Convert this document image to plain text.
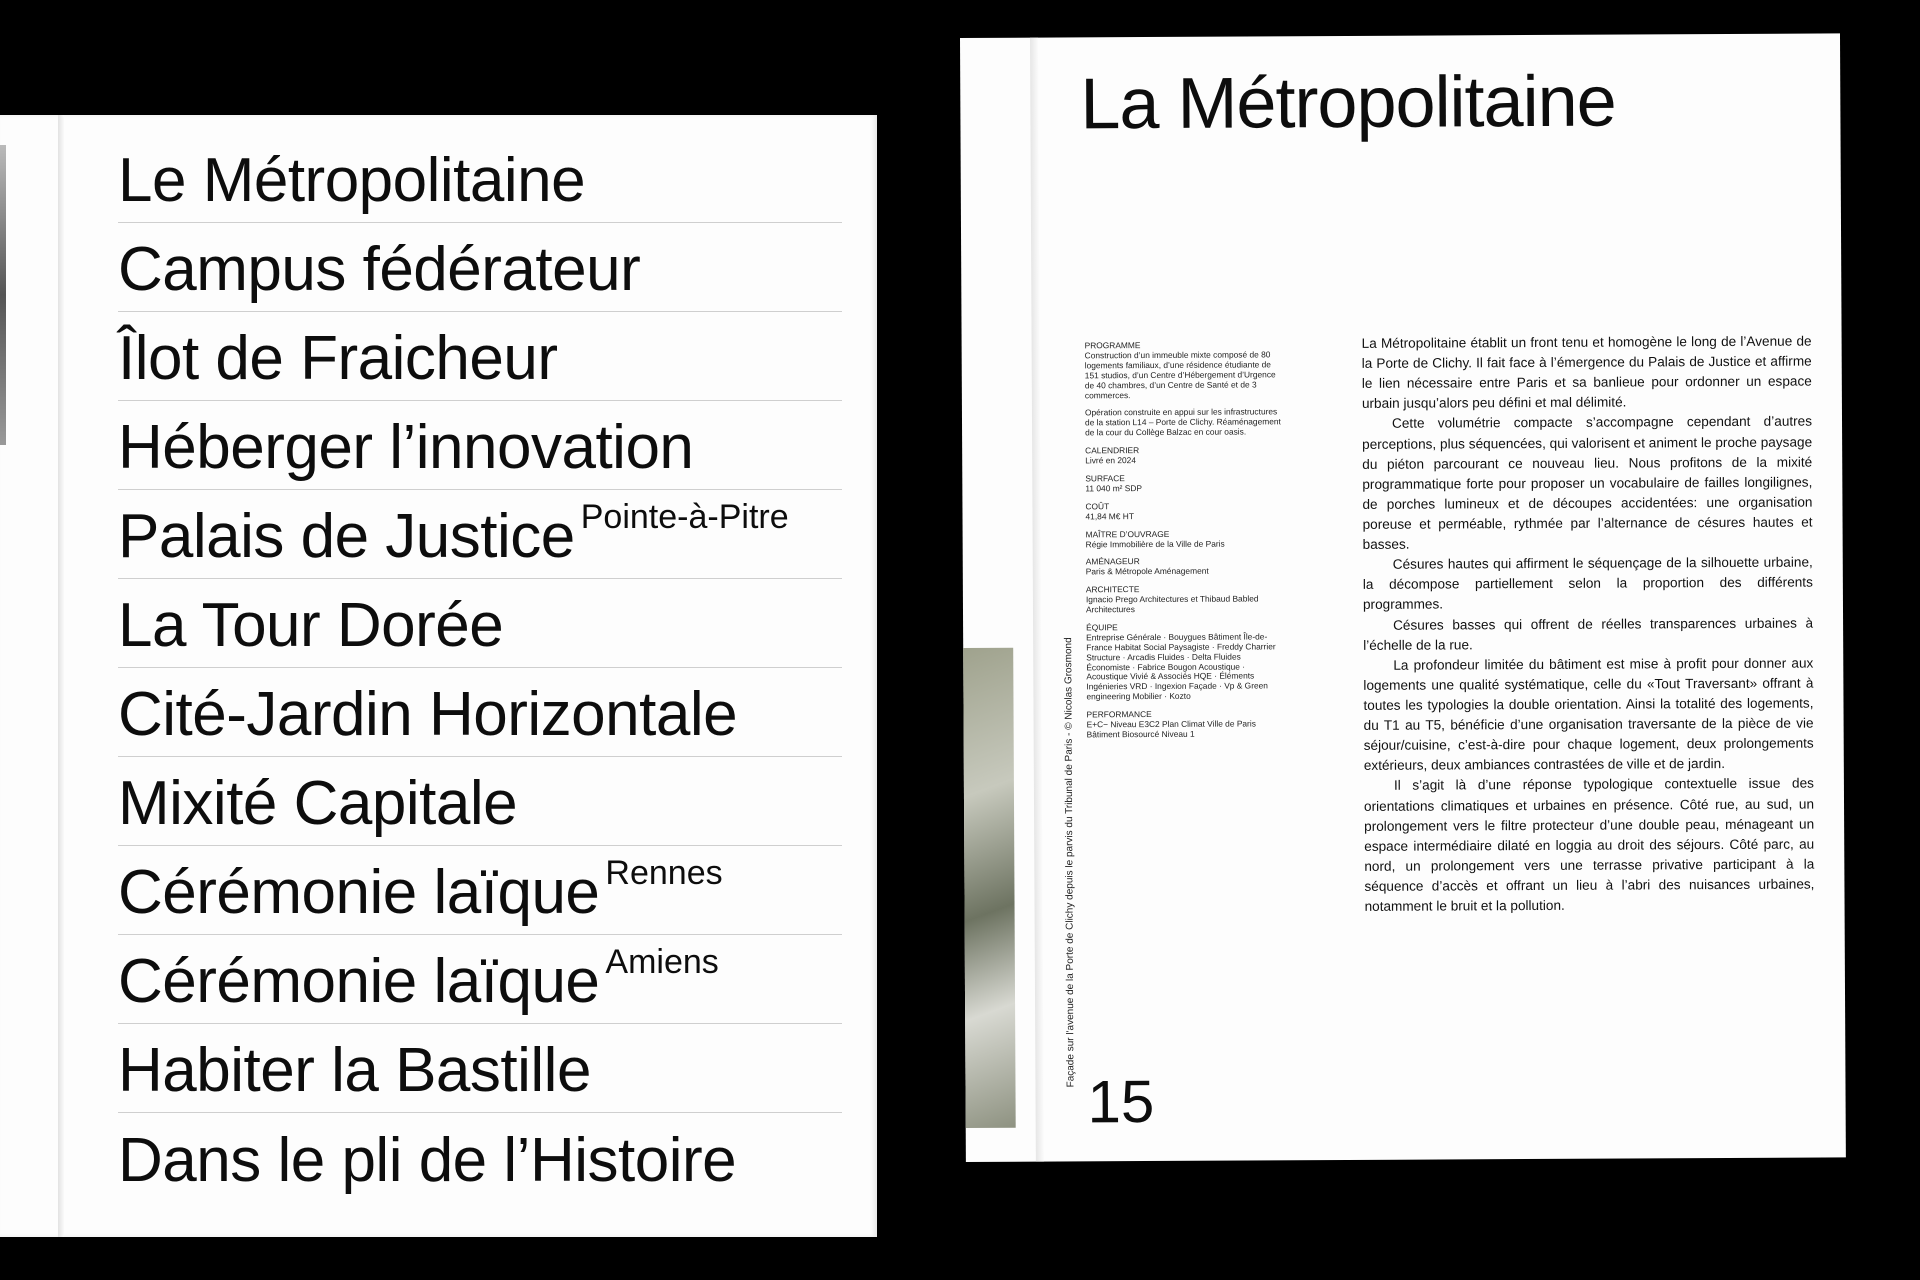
Le Métropolitaine
Campus fédérateur
Îlot de Fraicheur
Héberger l’innovation
Palais de Justice Pointe-à-Pitre
La Tour Dorée
Cité-Jardin Horizontale
Mixité Capitale
Cérémonie laïque Rennes
Cérémonie laïque Amiens
Habiter la Bastille
Dans le pli de l’Histoire
Façade sur l'avenue de la Porte de Clichy depuis le parvis du Tribunal de Paris - © Nicolas Grosmond
La Métropolitaine
PROGRAMME
Construction d’un immeuble mixte composé de 80 logements familiaux, d’une résidence étudiante de 151 studios, d’un Centre d’Hébergement d’Urgence de 40 chambres, d’un Centre de Santé et de 3 commerces.
Opération construite en appui sur les infrastructures de la station L14 – Porte de Clichy. Réaménagement de la cour du Collège Balzac en cour oasis.
CALENDRIER
Livré en 2024
SURFACE
11 040 m² SDP
COÛT
41,84 M€ HT
MAÎTRE D’OUVRAGE
Régie Immobilière de la Ville de Paris
AMÉNAGEUR
Paris & Métropole Aménagement
ARCHITECTE
Ignacio Prego Architectures et Thibaud Babled Architectures
ÉQUIPE
Entreprise Générale · Bouygues Bâtiment Île-de-France Habitat Social Paysagiste · Freddy Charrier Structure · Arcadis Fluides · Delta Fluides Économiste · Fabrice Bougon Acoustique · Acoustique Vivié & Associés HQE · Éléments Ingénieries VRD · Ingexion Façade · Vp & Green engineering Mobilier · Kozto
PERFORMANCE
E+C− Niveau E3C2 Plan Climat Ville de Paris Bâtiment Biosourcé Niveau 1

La Métropolitaine établit un front tenu et homogène le long de l’Avenue de la Porte de Clichy. Il fait face à l’émergence du Palais de Justice et affirme le lien nécessaire entre Paris et sa banlieue pour ordonner un espace urbain jusqu’alors peu défini et mal délimité.

Cette volumétrie compacte s’accompagne cependant d’autres perceptions, plus séquencées, qui valorisent et animent le proche paysage du piéton parcourant ce nouveau lieu. Nous profitons de la mixité programmatique forte pour proposer un vocabulaire de failles longilignes, de porches lumineux et de découpes accidentées: une organisation poreuse et perméable, rythmée par l’alternance de césures hautes et basses.

Césures hautes qui affirment le séquençage de la silhouette urbaine, la décompose partiellement selon la proportion des différents programmes.

Césures basses qui offrent de réelles transparences urbaines à l’échelle de la rue.

La profondeur limitée du bâtiment est mise à profit pour donner aux logements une qualité systématique, celle du «Tout Traversant» offrant à toutes les typologies la double orientation. Ainsi la totalité des logements, du T1 au T5, bénéficie d’une organisation traversante de la pièce de vie séjour/cuisine, c’est-à-dire pour chaque logement, deux prolongements extérieurs, deux ambiances contrastées de ville et de jardin.

Il s’agit là d’une réponse typologique contextuelle issue des orientations climatiques et urbaines en présence. Côté rue, au sud, un prolongement vers le filtre protecteur d’une double peau, ménageant un espace intermédiaire dilaté en loggia au droit des séjours. Côté parc, au nord, un prolongement vers une terrasse privative participant à la séquence d’accès et offrant un lieu à l’abri des nuisances urbaines, notamment le bruit et la pollution.

15
